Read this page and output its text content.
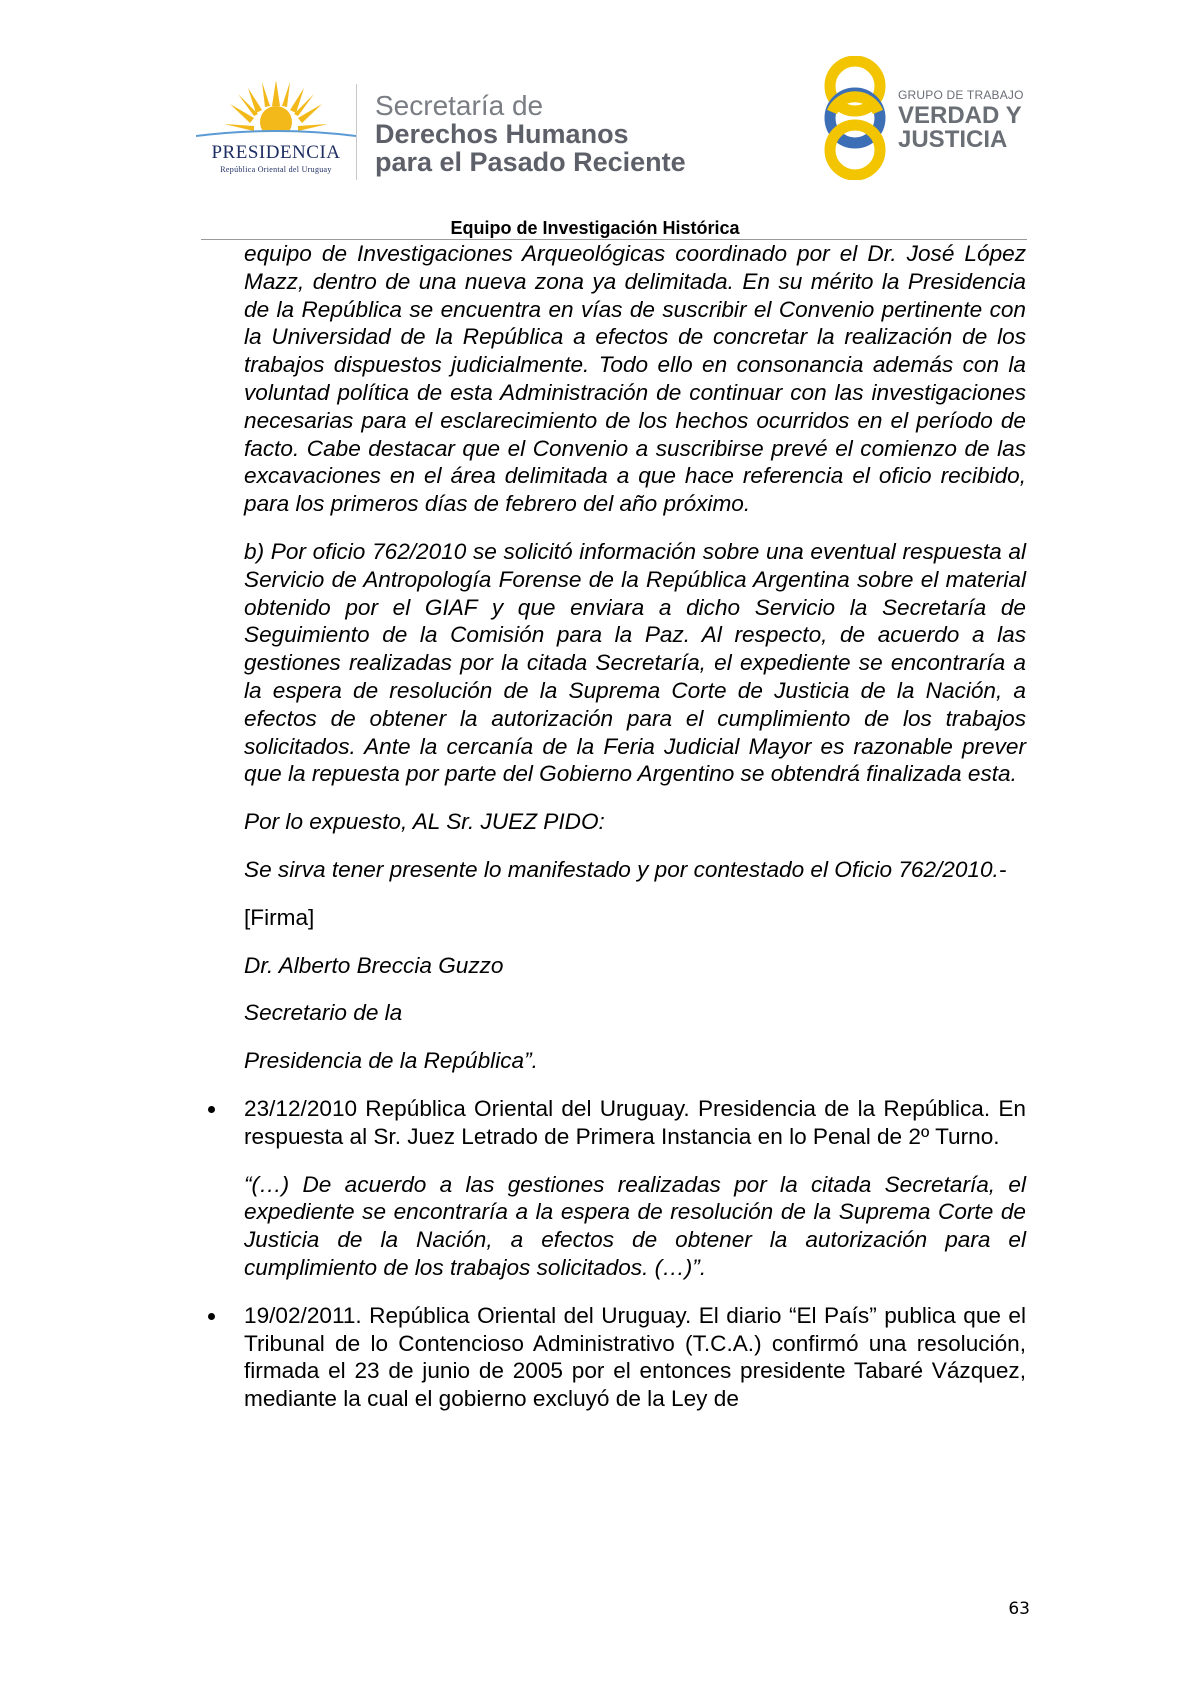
PRESIDENCIA
República Oriental del Uruguay
Secretaría de
Derechos Humanos
para el Pasado Reciente
GRUPO DE TRABAJO
VERDAD Y
JUSTICIA
Equipo de Investigación Histórica

equipo de Investigaciones Arqueológicas coordinado por el Dr. José López Mazz, dentro de una nueva zona ya delimitada. En su mérito la Presidencia de la República se encuentra en vías de suscribir el Convenio pertinente con la Universidad de la República a efectos de concretar la realización de los trabajos dispuestos judicialmente. Todo ello en consonancia además con la voluntad política de esta Administración de continuar con las investigaciones necesarias para el esclarecimiento de los hechos ocurridos en el período de facto. Cabe destacar que el Convenio a suscribirse prevé el comienzo de las excavaciones en el área delimitada a que hace referencia el oficio recibido, para los primeros días de febrero del año próximo.

b) Por oficio 762/2010 se solicitó información sobre una eventual respuesta al Servicio de Antropología Forense de la República Argentina sobre el material obtenido por el GIAF y que enviara a dicho Servicio la Secretaría de Seguimiento de la Comisión para la Paz. Al respecto, de acuerdo a las gestiones realizadas por la citada Secretaría, el expediente se encontraría a la espera de resolución de la Suprema Corte de Justicia de la Nación, a efectos de obtener la autorización para el cumplimiento de los trabajos solicitados. Ante la cercanía de la Feria Judicial Mayor es razonable prever que la repuesta por parte del Gobierno Argentino se obtendrá finalizada esta.

Por lo expuesto, AL Sr. JUEZ PIDO:

Se sirva tener presente lo manifestado y por contestado el Oficio 762/2010.-

[Firma]

Dr. Alberto Breccia Guzzo

Secretario de la

Presidencia de la República”.

23/12/2010 República Oriental del Uruguay. Presidencia de la República. En respuesta al Sr. Juez Letrado de Primera Instancia en lo Penal de 2º Turno.

“(…) De acuerdo a las gestiones realizadas por la citada Secretaría, el expediente se encontraría a la espera de resolución de la Suprema Corte de Justicia de la Nación, a efectos de obtener la autorización para el cumplimiento de los trabajos solicitados. (…)”.

19/02/2011. República Oriental del Uruguay. El diario “El País” publica que el Tribunal de lo Contencioso Administrativo (T.C.A.) confirmó una resolución, firmada el 23 de junio de 2005 por el entonces presidente Tabaré Vázquez, mediante la cual el gobierno excluyó de la Ley de

63
